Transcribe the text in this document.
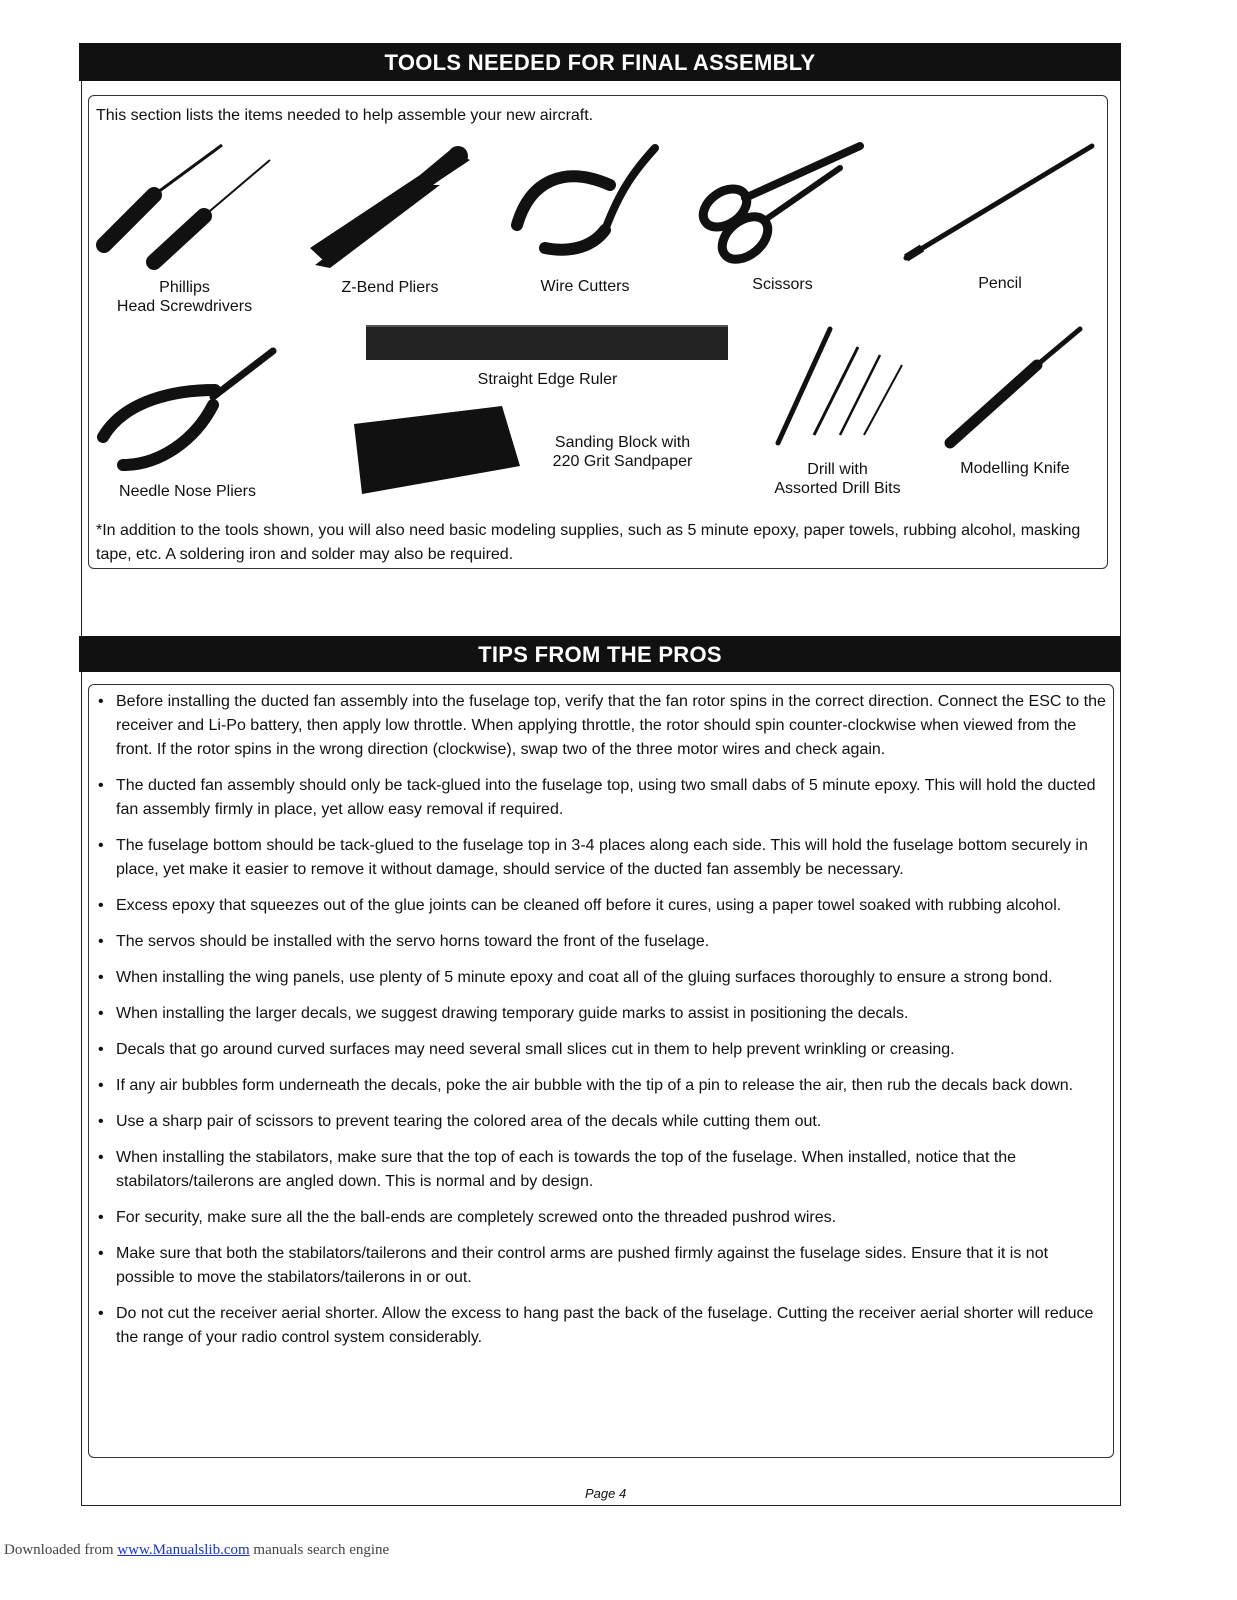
TOOLS NEEDED FOR FINAL ASSEMBLY
This section lists the items needed to help assemble your new aircraft.
Phillips
Head Screwdrivers
Z-Bend Pliers	Wire Cutters	Scissors	Pencil
Straight Edge Ruler
Needle Nose Pliers
Sanding Block with
220 Grit Sandpaper	Drill with
Assorted Drill Bits
Modelling Knife
*In addition to the tools shown, you will also need basic modeling supplies, such as 5 minute epoxy, paper towels, rubbing alcohol, masking tape, etc. A soldering iron and solder may also be required.
TIPS FROM THE PROS
• Before installing the ducted fan assembly into the fuselage top, verify that the fan rotor spins in the correct direction. Connect the ESC to the receiver and Li-Po battery, then apply low throttle. When applying throttle, the rotor should spin counter-clockwise when viewed from the front. If the rotor spins in the wrong direction (clockwise), swap two of the three motor wires and check again.
• The ducted fan assembly should only be tack-glued into the fuselage top, using two small dabs of 5 minute epoxy. This will hold the ducted fan assembly firmly in place, yet allow easy removal if required.
• The fuselage bottom should be tack-glued to the fuselage top in 3-4 places along each side. This will hold the fuselage bottom securely in place, yet make it easier to remove it without damage, should service of the ducted fan assembly be necessary.
• Excess epoxy that squeezes out of the glue joints can be cleaned off before it cures, using a paper towel soaked with rubbing alcohol.
• The servos should be installed with the servo horns toward the front of the fuselage.
• When installing the wing panels, use plenty of 5 minute epoxy and coat all of the gluing surfaces thoroughly to ensure a strong bond.
• When installing the larger decals, we suggest drawing temporary guide marks to assist in positioning the decals.
• Decals that go around curved surfaces may need several small slices cut in them to help prevent wrinkling or creasing.
• If any air bubbles form underneath the decals, poke the air bubble with the tip of a pin to release the air, then rub the decals back down.
• Use a sharp pair of scissors to prevent tearing the colored area of the decals while cutting them out.
• When installing the stabilators, make sure that the top of each is towards the top of the fuselage. When installed, notice that the stabilators/tailerons are angled down. This is normal and by design.
• For security, make sure all the the ball-ends are completely screwed onto the threaded pushrod wires.
• Make sure that both the stabilators/tailerons and their control arms are pushed firmly against the fuselage sides. Ensure that it is not possible to move the stabilators/tailerons in or out.
• Do not cut the receiver aerial shorter. Allow the excess to hang past the back of the fuselage. Cutting the receiver aerial shorter will reduce the range of your radio control system considerably.
Page 4
Downloaded from www.Manualslib.com manuals search engine
